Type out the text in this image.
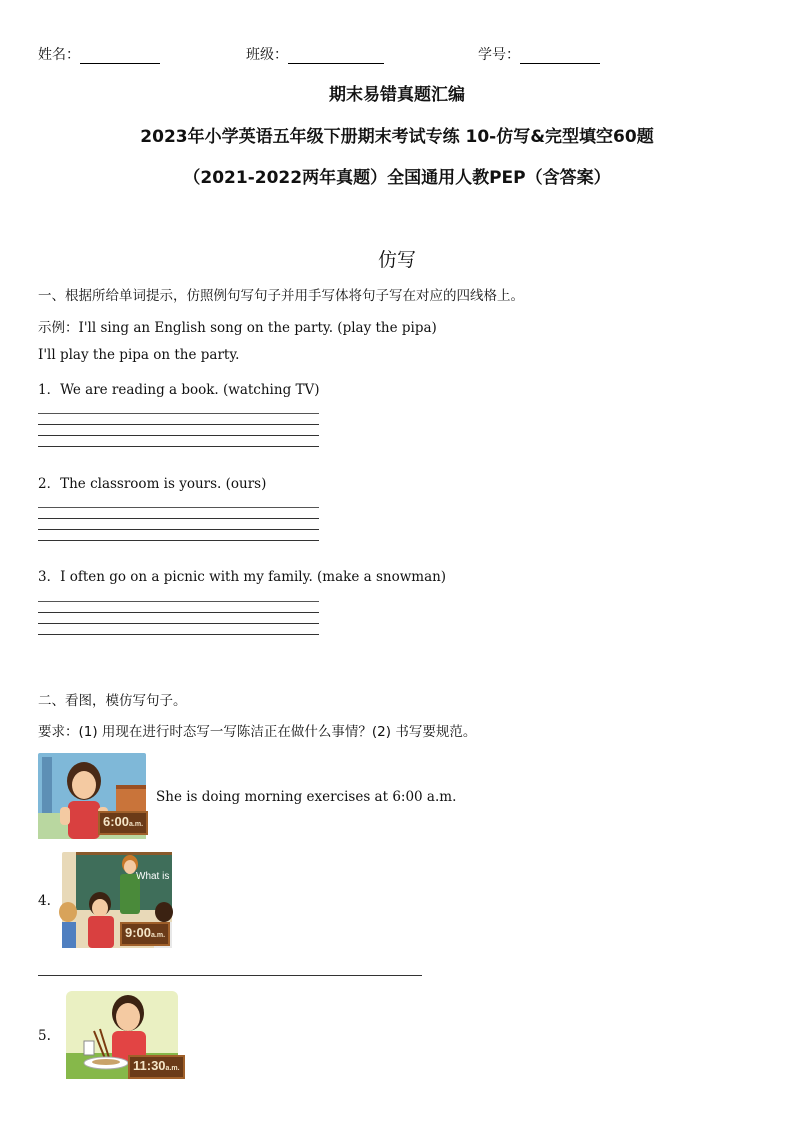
姓名：	班级：	学号：
期末易错真题汇编
2023年小学英语五年级下册期末考试专练 10-仿写&完型填空60题
（2021-2022两年真题）全国通用人教PEP（含答案）
仿写
一、根据所给单词提示，仿照例句写句子并用手写体将句子写在对应的四线格上。
示例：I'll sing an English song on the party. (play the pipa)
I'll play the pipa on the party.
1．We are reading a book. (watching TV)
2．The classroom is yours. (ours)
3．I often go on a picnic with my family. (make a snowman)
二、看图，模仿写句子。
要求：(1) 用现在进行时态写一写陈洁正在做什么事情？(2) 书写要规范。
6:00a.m.
She is doing morning exercises at 6:00 a.m.
4.
What is
9:00a.m.
5.
11:30a.m.
